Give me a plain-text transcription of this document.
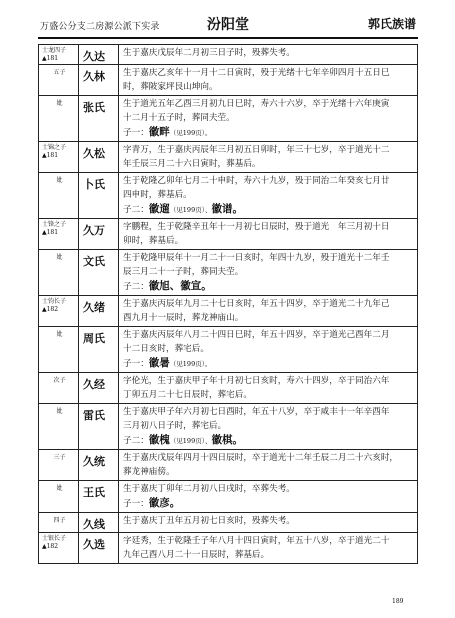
万盛公分支二房源公派下实录	汾阳堂	郭氏族谱
士龙四子
▲181	久达	生于嘉庆戊辰年二月初三日子时，殁葬失考。
五子	久林	生于嘉庆乙亥年十一月十二日寅时，殁于光绪十七年辛卯四月十五日巳
时，葬陂家坪艮山坤向。
妣	张氏	生于道光五年乙酉三月初九日巳时，寿六十六岁，卒于光绪十六年庚寅
十二月十五子时，葬同夫茔。
子一：徽畔（见199页）。
士锦之子
▲181	久松	字青万，生于嘉庆丙辰年三月初五日卯时，年三十七岁，卒于道光十二
年壬辰三月二十六日寅时，葬基后。
妣	卜氏	生于乾隆乙卯年七月二十申时，寿六十九岁，殁于同治二年癸亥七月廿
四申时，葬基后。
子二：徽遛（见199页）、徽谱。
士锋之子
▲181	久万	字鹏程，生于乾隆辛丑年十一月初七日辰时，殁于道光　年三月初十日
卯时，葬基后。
妣	文氏	生于乾隆甲辰年十一月二十一日亥时，年四十九岁，殁于道光十二年壬
辰三月二十一子时，葬同夫茔。
子二：徽旭、徽宣。
士钧长子
▲182	久绪	生于嘉庆丙辰年九月二十七日亥时，年五十四岁，卒于道光二十九年己
酉九月十一辰时，葬龙神庙山。
妣	周氏	生于嘉庆丙辰年八月二十四日巳时，年五十四岁，卒于道光己酉年二月
十二日亥时，葬宅后。
子一：徽暑（见199页）。
次子	久经	字伦光，生于嘉庆甲子年十月初七日亥时，寿六十四岁，卒于同治六年
丁卯五月二十七日辰时，葬宅后。
妣	雷氏	生于嘉庆甲子年六月初七日酉时，年五十八岁，卒于咸丰十一年辛酉年
三月初八日子时，葬宅后。
子二：徽槐（见199页）、徽棋。
三子	久统	生于嘉庆戊辰年四月十四日辰时，卒于道光十二年壬辰二月二十六亥时，
葬龙神庙傍。
妣	王氏	生于嘉庆丁卯年二月初八日戌时，卒葬失考。
子一：徽彦。
四子	久线	生于嘉庆丁丑年五月初七日亥时，殁葬失考。
士银长子
▲182	久选	字廷秀，生于乾隆壬子年八月十四日寅时，年五十八岁，卒于道光二十
九年己酉八月二十一日辰时，葬基后。
189
